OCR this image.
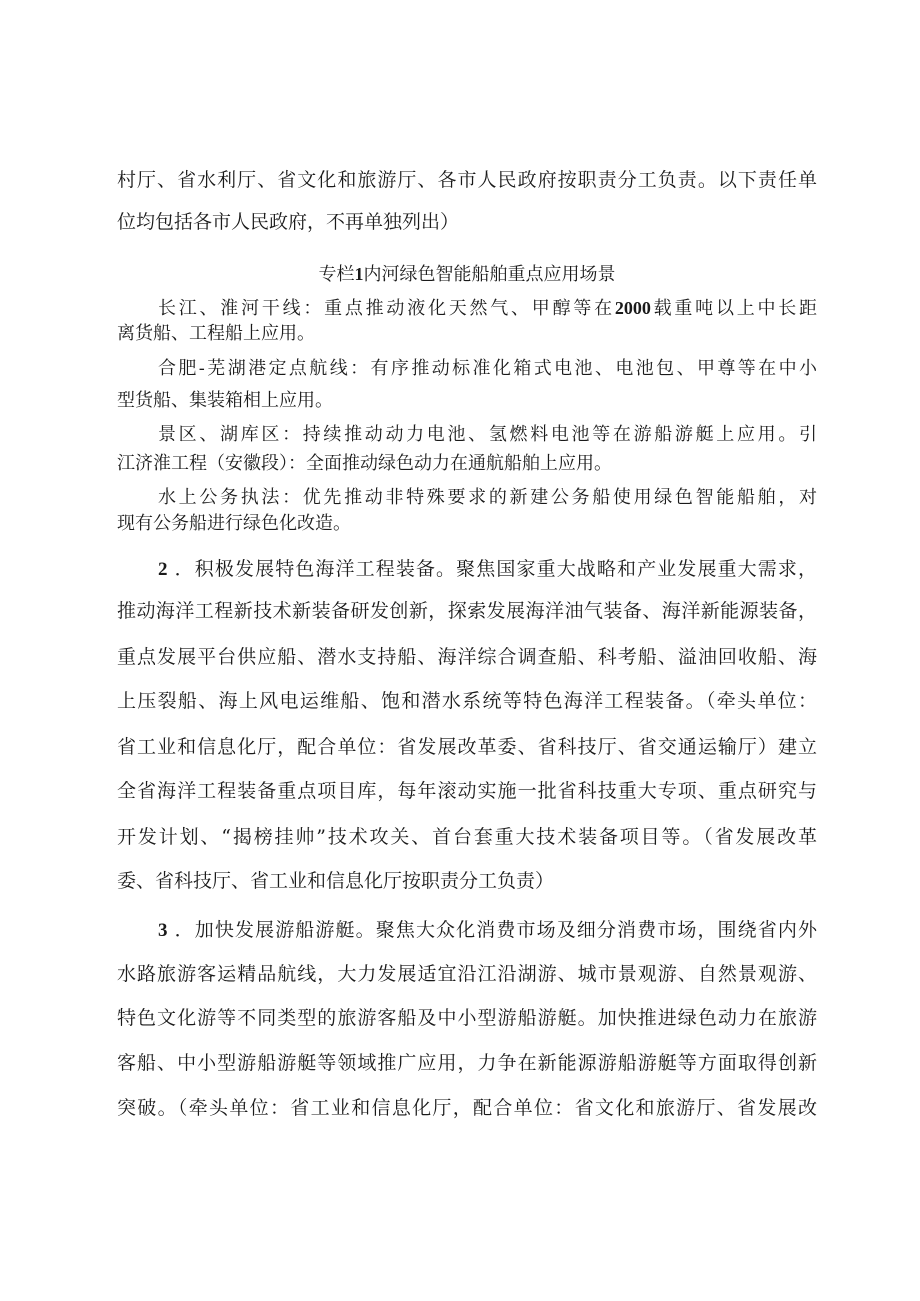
村厅、省水利厅、省文化和旅游厅、各市人民政府按职责分工负责。以下责任单
位均包括各市人民政府，不再单独列出）
专栏1内河绿色智能船舶重点应用场景
长江、淮河干线：重点推动液化天然气、甲醇等在2000载重吨以上中长距
离货船、工程船上应用。
合肥-芜湖港定点航线：有序推动标准化箱式电池、电池包、甲尊等在中小
型货船、集装箱相上应用。
景区、湖库区：持续推动动力电池、氢燃料电池等在游船游艇上应用。引
江济淮工程（安徽段）：全面推动绿色动力在通航船舶上应用。
水上公务执法：优先推动非特殊要求的新建公务船使用绿色智能船舶，对
现有公务船进行绿色化改造。
2 ．积极发展特色海洋工程装备。聚焦国家重大战略和产业发展重大需求，
推动海洋工程新技术新装备研发创新，探索发展海洋油气装备、海洋新能源装备，
重点发展平台供应船、潜水支持船、海洋综合调查船、科考船、溢油回收船、海
上压裂船、海上风电运维船、饱和潜水系统等特色海洋工程装备。（牵头单位：
省工业和信息化厅，配合单位：省发展改革委、省科技厅、省交通运输厅）建立
全省海洋工程装备重点项目库，每年滚动实施一批省科技重大专项、重点研究与
开发计划、“揭榜挂帅”技术攻关、首台套重大技术装备项目等。（省发展改革
委、省科技厅、省工业和信息化厅按职责分工负责）
3 ．加快发展游船游艇。聚焦大众化消费市场及细分消费市场，围绕省内外
水路旅游客运精品航线，大力发展适宜沿江沿湖游、城市景观游、自然景观游、
特色文化游等不同类型的旅游客船及中小型游船游艇。加快推进绿色动力在旅游
客船、中小型游船游艇等领域推广应用，力争在新能源游船游艇等方面取得创新
突破。（牵头单位：省工业和信息化厅，配合单位：省文化和旅游厅、省发展改
